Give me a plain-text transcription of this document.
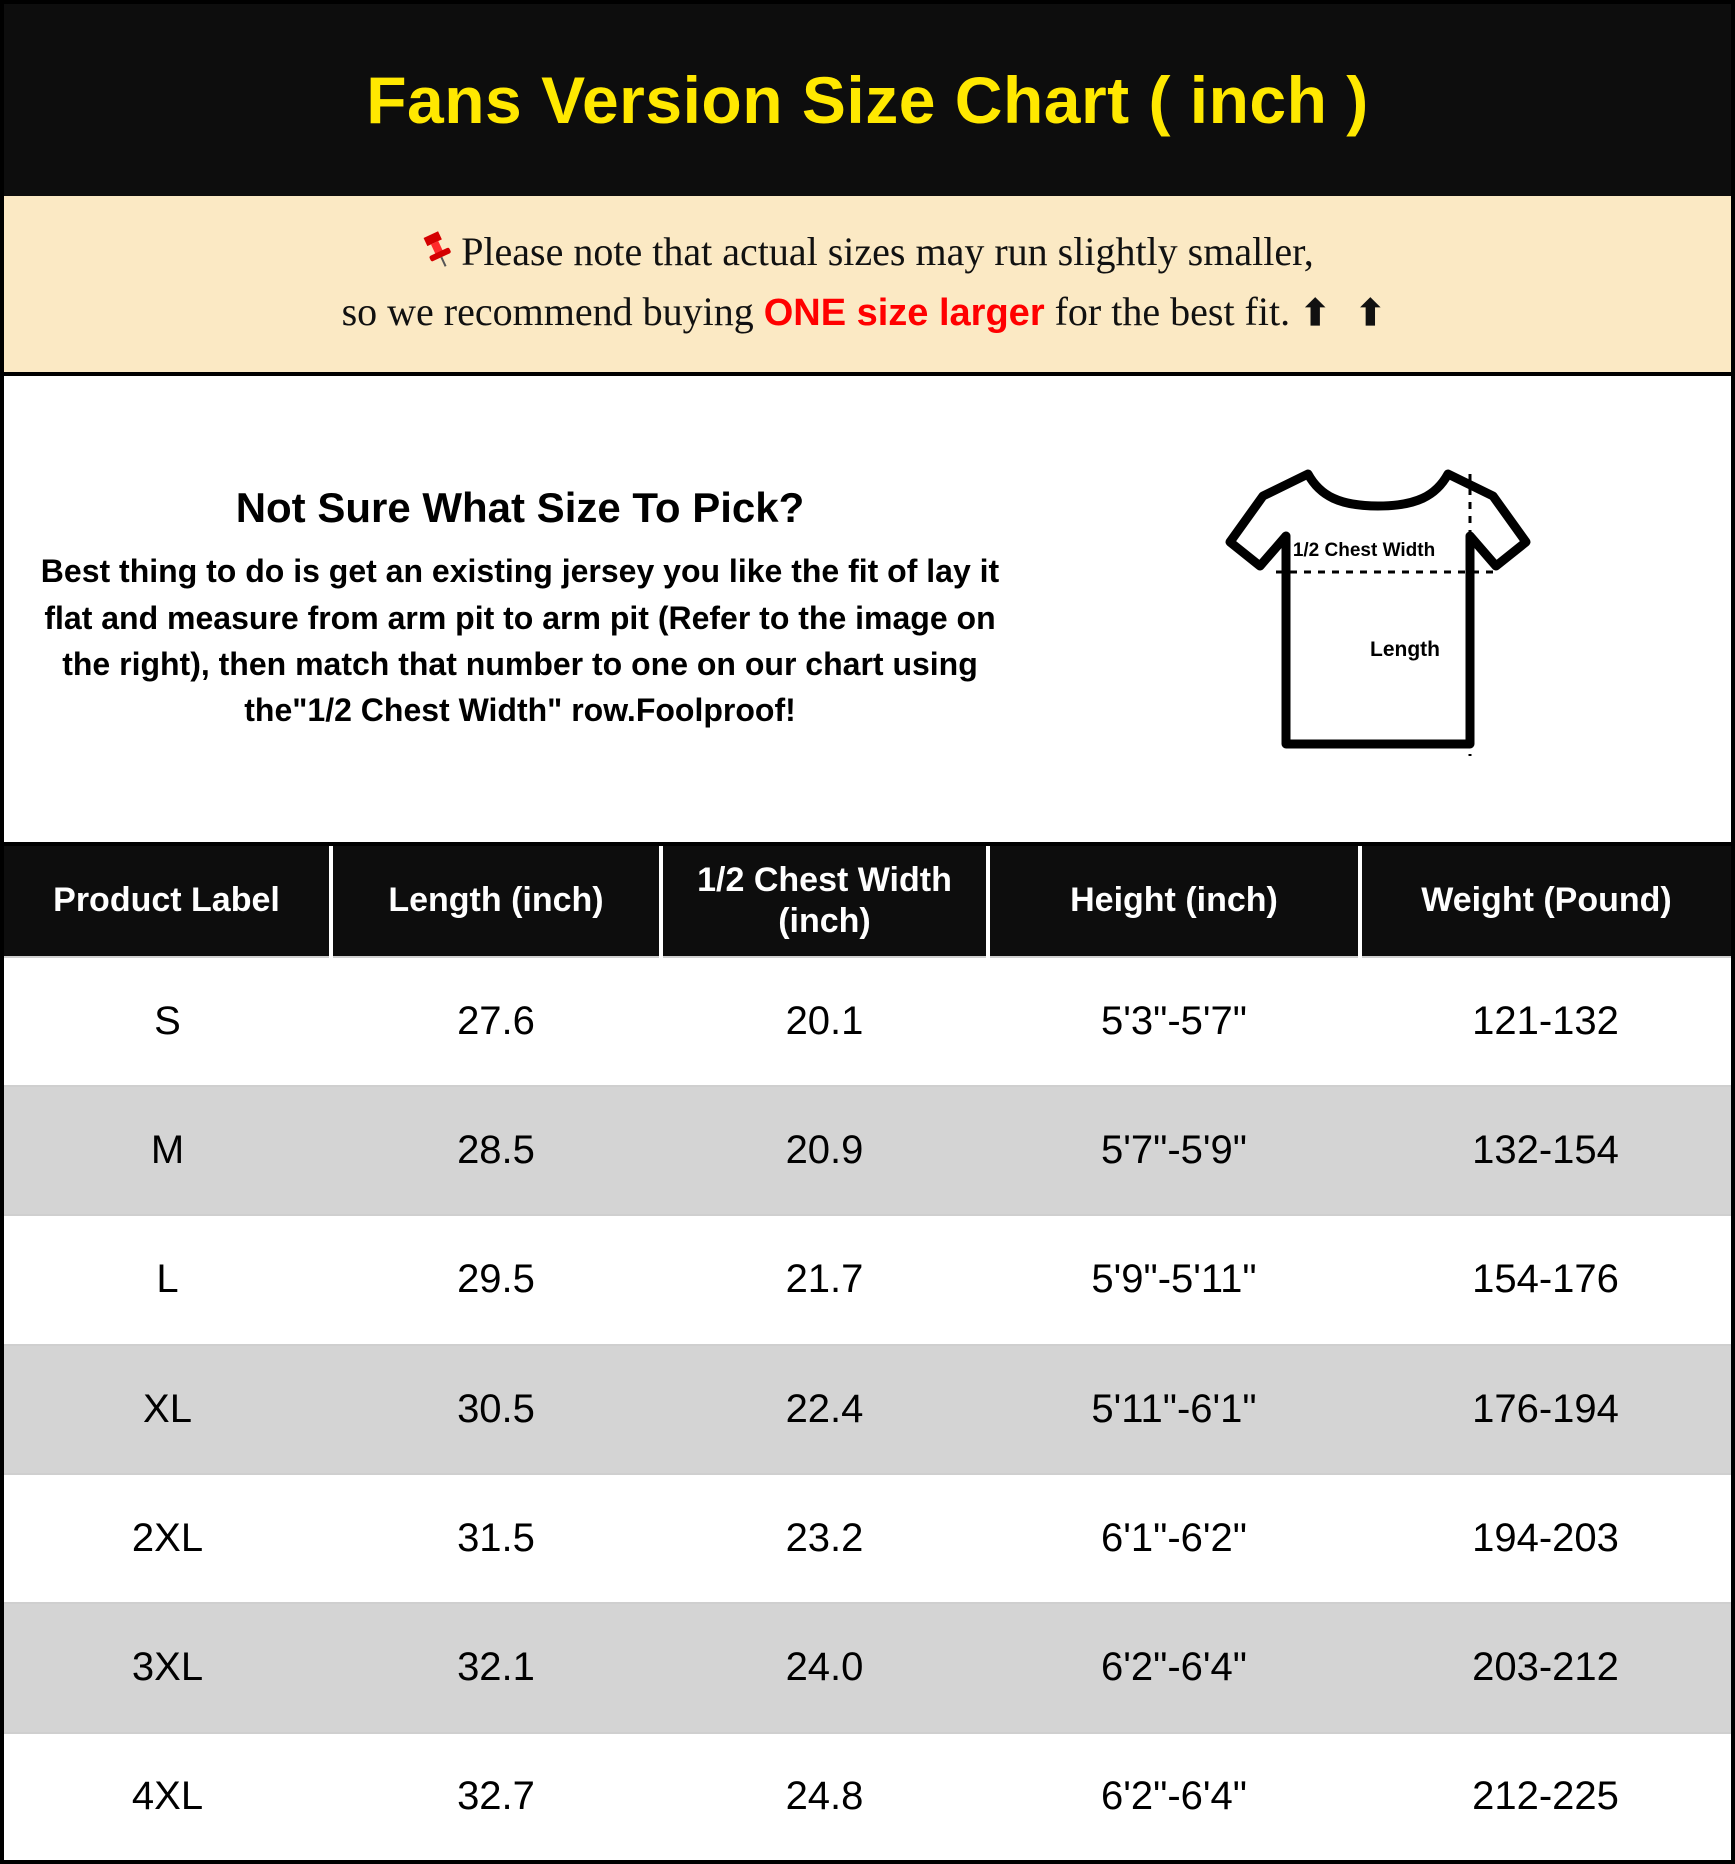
Fans Version Size Chart ( inch )
Please note that actual sizes may run slightly smaller,
so we recommend buying ONE size larger for the best fit. ⬆ ⬆
Not Sure What Size To Pick?
Best thing to do is get an existing jersey you like the fit of lay it flat and measure from arm pit to arm pit (Refer to the image on the right), then match that number to one on our chart using the"1/2 Chest Width" row.Foolproof!
1/2 Chest Width
Length
Product Label	Length (inch)	1/2 Chest Width (inch)	Height (inch)	Weight (Pound)
S	27.6	20.1	5'3"-5'7"	121-132
M	28.5	20.9	5'7"-5'9"	132-154
L	29.5	21.7	5'9"-5'11"	154-176
XL	30.5	22.4	5'11"-6'1"	176-194
2XL	31.5	23.2	6'1"-6'2"	194-203
3XL	32.1	24.0	6'2"-6'4"	203-212
4XL	32.7	24.8	6'2"-6'4"	212-225
